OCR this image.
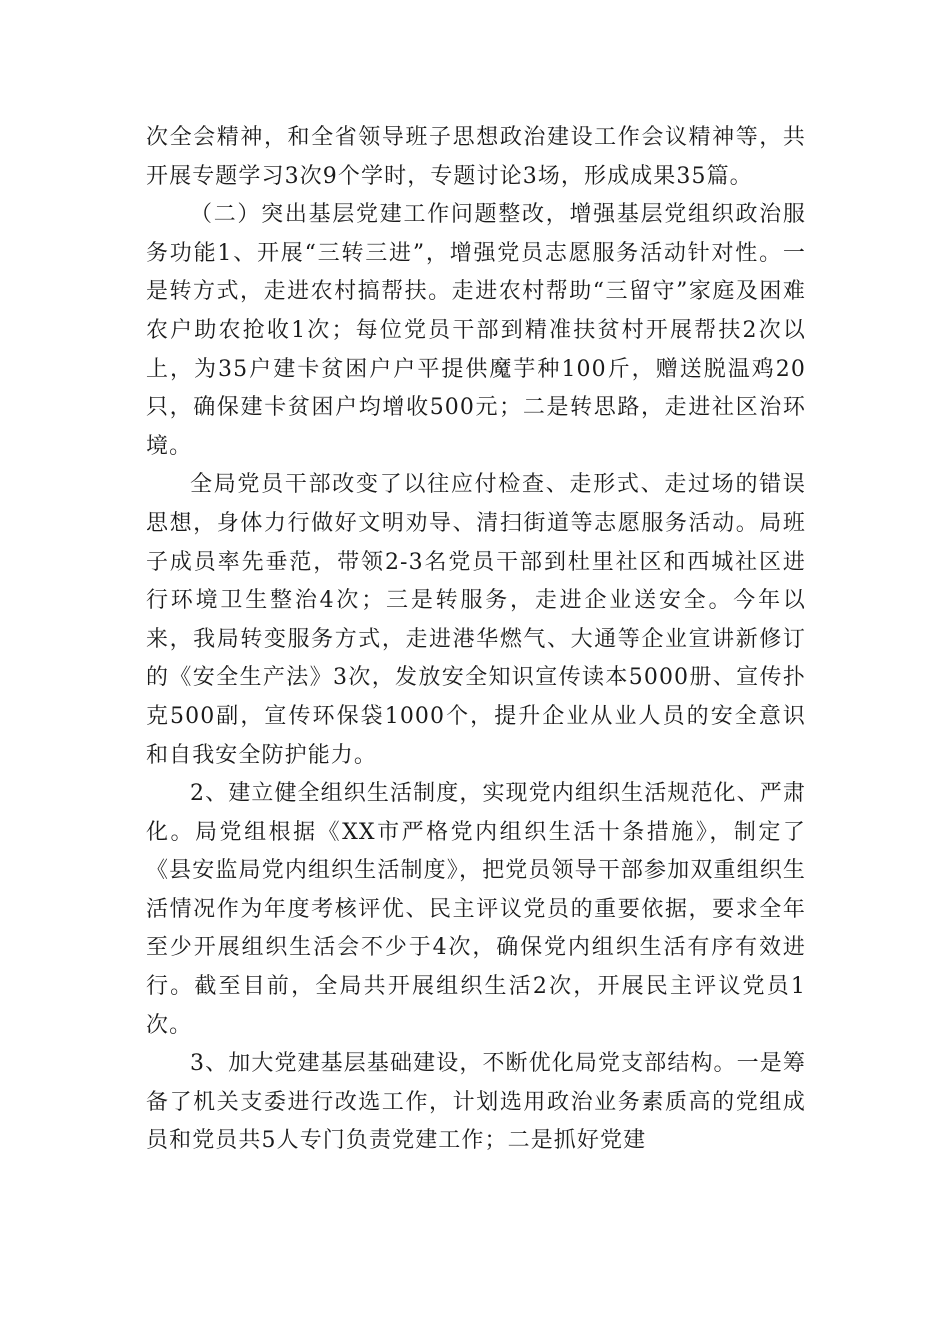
次全会精神，和全省领导班子思想政治建设工作会议精神等，共开展专题学习3次9个学时，专题讨论3场，形成成果35篇。

（二）突出基层党建工作问题整改，增强基层党组织政治服务功能1、开展“三转三进”，增强党员志愿服务活动针对性。一是转方式，走进农村搞帮扶。走进农村帮助“三留守”家庭及困难农户助农抢收1次；每位党员干部到精准扶贫村开展帮扶2次以上，为35户建卡贫困户户平提供魔芋种100斤，赠送脱温鸡20只，确保建卡贫困户均增收500元；二是转思路，走进社区治环境。

全局党员干部改变了以往应付检查、走形式、走过场的错误思想，身体力行做好文明劝导、清扫街道等志愿服务活动。局班子成员率先垂范，带领2-3名党员干部到杜里社区和西城社区进行环境卫生整治4次；三是转服务，走进企业送安全。今年以来，我局转变服务方式，走进港华燃气、大通等企业宣讲新修订的《安全生产法》3次，发放安全知识宣传读本5000册、宣传扑克500副，宣传环保袋1000个，提升企业从业人员的安全意识和自我安全防护能力。

2、建立健全组织生活制度，实现党内组织生活规范化、严肃化。局党组根据《XX市严格党内组织生活十条措施》，制定了《县安监局党内组织生活制度》，把党员领导干部参加双重组织生活情况作为年度考核评优、民主评议党员的重要依据，要求全年至少开展组织生活会不少于4次，确保党内组织生活有序有效进行。截至目前，全局共开展组织生活2次，开展民主评议党员1次。

3、加大党建基层基础建设，不断优化局党支部结构。一是筹备了机关支委进行改选工作，计划选用政治业务素质高的党组成员和党员共5人专门负责党建工作；二是抓好党建
